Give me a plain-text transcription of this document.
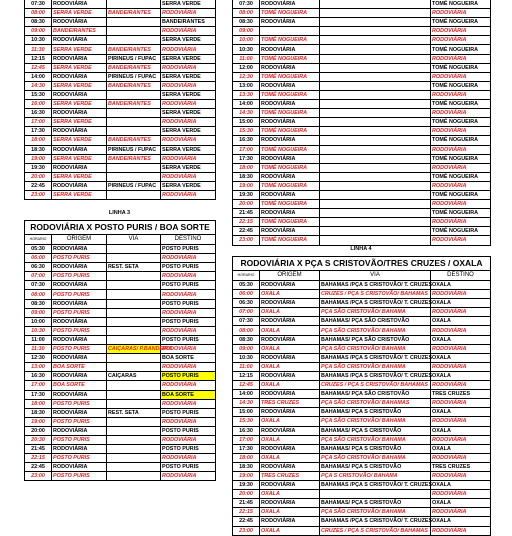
07:30	RODOVIÁRIA		SERRA VERDE
08:00	SERRA VERDE	BANDEIRANTES	RODOVIÁRIA
08:30	RODOVIÁRIA		BANDEIRANTES
09:00	BANDEIRANTES		RODOVIÁRIA
10:30	RODOVIÁRIA		SERRA VERDE
11:30	SERRA VERDE	BANDEIRANTES	RODOVIÁRIA
12:15	RODOVIÁRIA	PIRINEUS / FUPAC	SERRA VERDE
12:45	SERRA VERDE	BANDEIRANTES	RODOVIÁRIA
14:00	RODOVIÁRIA	PIRINEUS / FUPAC	SERRA VERDE
14:30	SERRA VERDE	BANDEIRANTES	RODOVIÁRIA
15:30	RODOVIÁRIA		SERRA VERDE
16:00	SERRA VERDE	BANDEIRANTES	RODOVIÁRIA
16:30	RODOVIÁRIA		SERRA VERDE
17:00	SERRA VERDE		RODOVIÁRIA
17:30	RODOVIÁRIA		SERRA VERDE
18:00	SERRA VERDE	BANDEIRANTES	RODOVIÁRIA
18:30	RODOVIÁRIA	PIRINEUS / FUPAC	SERRA VERDE
19:00	SERRA VERDE	BANDEIRANTES	RODOVIÁRIA
19:30	RODOVIÁRIA		SERRA VERDE
20:00	SERRA VERDE		RODOVIÁRIA
22:45	RODOVIÁRIA	PIRINEUS / FUPAC	SERRA VERDE
23:00	SERRA VERDE		RODOVIÁRIA
07:30	RODOVIÁRIA		TOMÉ NOGUEIRA
08:00	TOMÉ NOGUEIRA		RODOVIÁRIA
08:30	RODOVIÁRIA		TOMÉ NOGUEIRA
09:00			RODOVIÁRIA
10:00	TOMÉ NOGUEIRA		RODOVIÁRIA
10:30	RODOVIÁRIA		TOMÉ NOGUEIRA
11:00	TOMÉ NOGUEIRA		RODOVIÁRIA
12:00	RODOVIÁRIA		TOMÉ NOGUEIRA
12:30	TOMÉ NOGUEIRA		RODOVIÁRIA
13:00	RODOVIÁRIA		TOMÉ NOGUEIRA
13:30	TOMÉ NOGUEIRA		RODOVIÁRIA
14:00	RODOVIÁRIA		TOMÉ NOGUEIRA
14:30	TOMÉ NOGUEIRA		RODOVIÁRIA
15:00	RODOVIÁRIA		TOMÉ NOGUEIRA
15:30	TOMÉ NOGUEIRA		RODOVIÁRIA
16:30	RODOVIÁRIA		TOMÉ NOGUEIRA
17:00	TOMÉ NOGUEIRA		RODOVIÁRIA
17:30	RODOVIÁRIA		TOMÉ NOGUEIRA
18:00	TOMÉ NOGUEIRA		RODOVIÁRIA
18:30	RODOVIÁRIA		TOMÉ NOGUEIRA
19:00	TOMÉ NOGUEIRA		RODOVIÁRIA
19:30	RODOVIÁRIA		TOMÉ NOGUEIRA
20:00	TOMÉ NOGUEIRA		RODOVIÁRIA
21:45	RODOVIÁRIA		TOMÉ NOGUEIRA
22:15	TOMÉ NOGUEIRA		RODOVIÁRIA
22:45	RODOVIÁRIA		TOMÉ NOGUEIRA
23:00	TOMÉ NOGUEIRA		RODOVIÁRIA
LINHA 3
RODOVIÁRIA X POSTO PURIS / BOA SORTE			
HORARIO	ORIGEM	VIA	DESTINO
05:30	RODOVIÁRIA		POSTO PURIS
06:00	POSTO PURIS		RODOVIÁRIA
06:30	RODOVIÁRIA	REST. SETA	POSTO PURIS
07:00	POSTO PURIS		RODOVIÁRIA
07:30	RODOVIÁRIA		POSTO PURIS
08:00	POSTO PURIS		RODOVIÁRIA
08:30	RODOVIÁRIA		POSTO PURIS
09:00	POSTO PURIS		RODOVIÁRIA
10:00	RODOVIÁRIA		POSTO PURIS
10:30	POSTO PURIS		RODOVIÁRIA
11:00	RODOVIÁRIA		POSTO PURIS
11:30	POSTO PURIS	CAIÇARAS/ P.BANDEIRA	RODOVIÁRIA
12:30	RODOVIÁRIA		BOA SORTE
13:00	BOA SORTE		RODOVIÁRIA
16:30	RODOVIÁRIA	CAIÇARAS	POSTO PURIS
17:00	BOA SORTE		RODOVIÁRIA
17:30	RODOVIÁRIA		BOA SORTE
18:00	POSTO PURIS		RODOVIÁRIA
18:30	RODOVIÁRIA	REST. SETA	POSTO PURIS
19:00	POSTO PURIS		RODOVIÁRIA
20:00	RODOVIÁRIA		POSTO PURIS
20:30	POSTO PURIS		RODOVIÁRIA
21:45	RODOVIÁRIA		POSTO PURIS
22:15	POSTO PURIS		RODOVIÁRIA
22:45	RODOVIÁRIA		POSTO PURIS
23:00	POSTO PURIS		RODOVIÁRIA
LINHA 4
RODOVIÁRIA X PÇA S CRISTOVÃO/TRES CRUZES / OXALA			
HORARIO	ORIGEM	VIA	DESTINO
05:30	RODOVIÁRIA	BAHAMAS /PÇA S CRISTOVÃO/ T. CRUZES	OXALA
06:00	OXALA	CRUZES / PÇA S CRISTOVÃO/ BAHAMAS	RODOVIÁRIA
06:30	RODOVIÁRIA	BAHAMAS /PÇA S CRISTOVÃO/ T. CRUZES	OXALA
07:00	OXALA	PÇA SÃO CRISTOVÃO/ BAHAMA	RODOVIÁRIA
07:30	RODOVIÁRIA	BAHAMAS/ PÇA SÃO CRISTOVÃO	OXALA
08:00	OXALA	PÇA SÃO CRISTOVÃO/ BAHAMA	RODOVIÁRIA
08:30	RODOVIÁRIA	BAHAMAS/ PÇA SÃO CRISTOVÃO	OXALA
09:00	OXALA	PÇA SÃO CRISTOVÃO/ BAHAMA	RODOVIÁRIA
10:30	RODOVIÁRIA	BAHAMAS /PÇA S CRISTOVÃO/ T. CRUZES	OXALA
11:00	OXALA	PÇA SÃO CRISTOVÃO/ BAHAMA	RODOVIÁRIA
12:15	RODOVIÁRIA	BAHAMAS /PÇA S CRISTOVÃO/ T. CRUZES	OXALA
12:45	OXALA	CRUZES / PÇA S CRISTOVÃO/ BAHAMAS	RODOVIÁRIA
14:00	RODOVIÁRIA	BAHAMAS/ PÇA SÃO CRISTOVÃO	TRES CRUZES
14:30	TRES CRUZES	PÇA SÃO CRISTOVÃO/ BAHAMAS	RODOVIÁRIA
15:00	RODOVIÁRIA	BAHAMAS/ PÇA S CRISTOVÃO	OXALA
15:30	OXALA	PÇA SÃO CRISTOVÃO/ BAHAMA	RODOVIÁRIA
16:30	RODOVIÁRIA	BAHAMAS/ PÇA S CRISTOVÃO	OXALA
17:00	OXALA	PÇA SÃO CRISTOVÃO/ BAHAMA	RODOVIÁRIA
17:30	RODOVIÁRIA	BAHAMAS/ PÇA S CRISTOVÃO	OXALA
18:00	OXALA	PÇA SÃO CRISTOVÃO/ BAHAMA	RODOVIÁRIA
18:30	RODOVIÁRIA	BAHAMAS/ PÇA S CRISTOVÃO	TRES CRUZES
19:00	TRES CRUZES	PÇA S CRISTOVÃO/ BAHAMA	RODOVIÁRIA
19:30	RODOVIÁRIA	BAHAMAS /PÇA S CRISTOVÃO/ T. CRUZES	OXALA
20:00	OXALA		RODOVIÁRIA
21:45	RODOVIÁRIA	BAHAMAS/ PÇA S CRISTOVÃO	OXALA
22:15	OXALA	PÇA SÃO CRISTOVÃO/ BAHAMA	RODOVIÁRIA
22:45	RODOVIÁRIA	BAHAMAS /PÇA S CRISTOVÃO/ T. CRUZES	OXALA
23:00	OXALA	CRUZES / PÇA S CRISTOVÃO/ BAHAMAS	RODOVIÁRIA
